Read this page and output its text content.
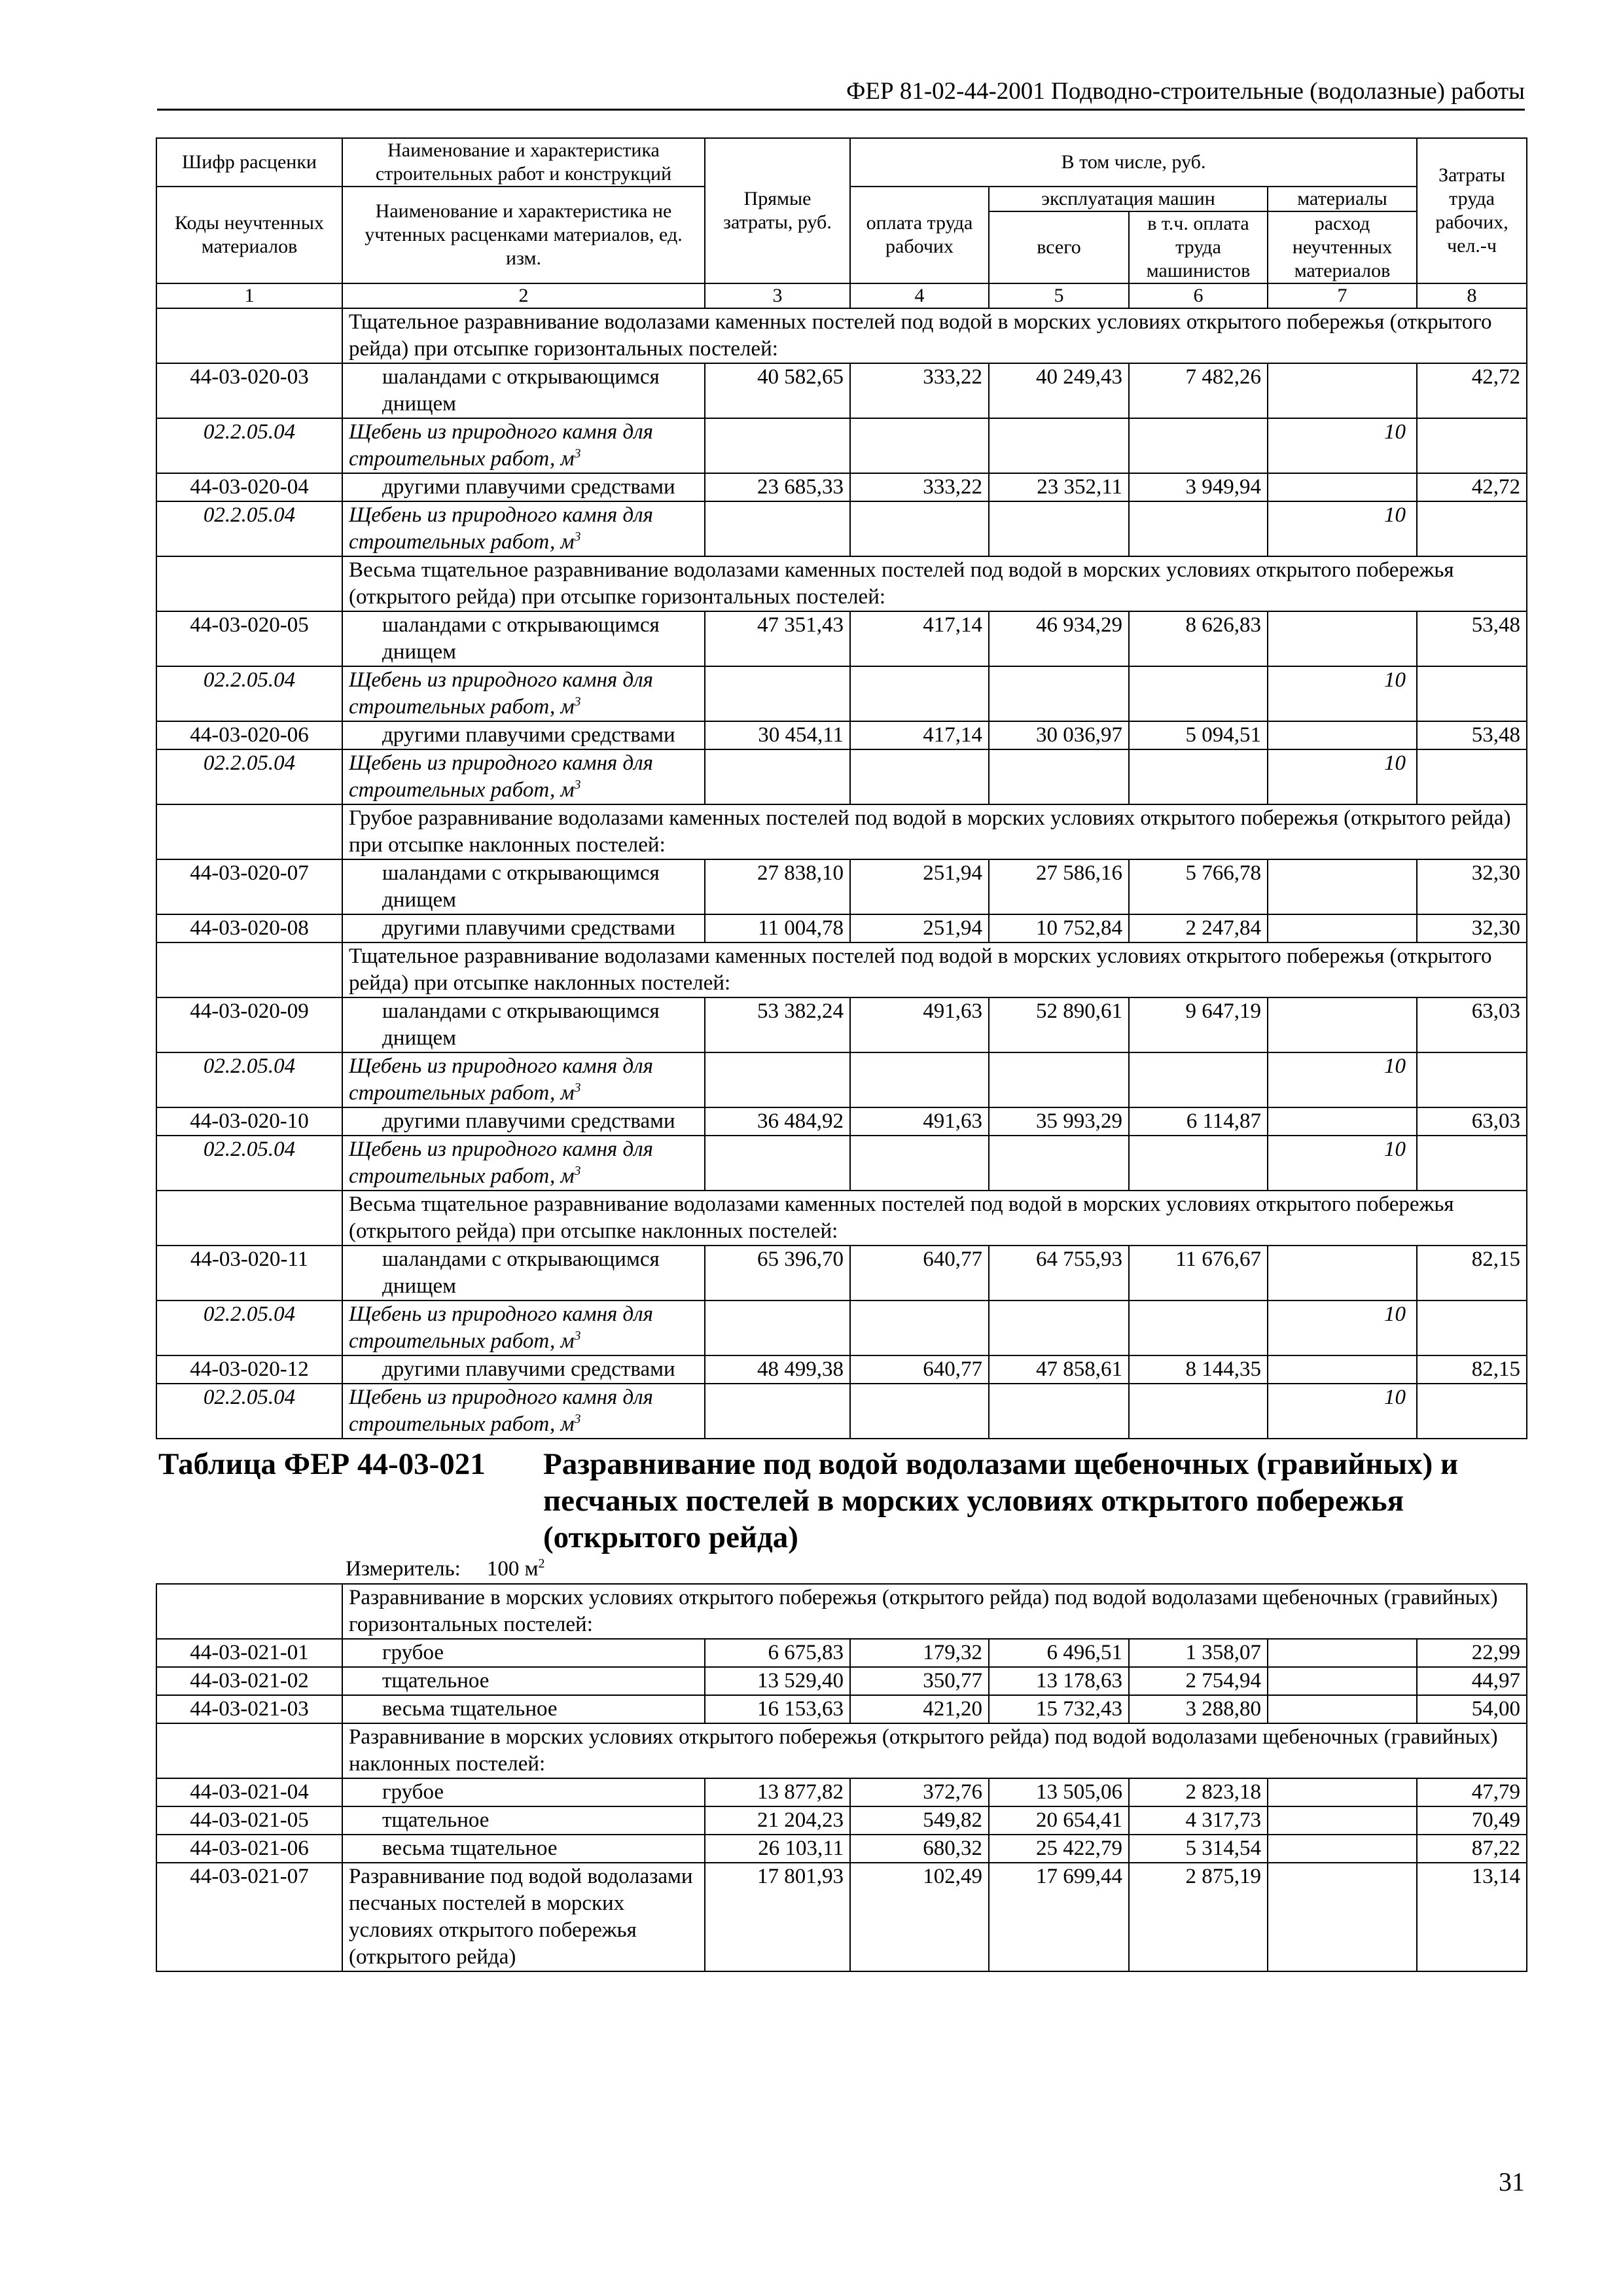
ФЕР 81-02-44-2001 Подводно-строительные (водолазные) работы
Шифр расценки	Наименование и характеристика строительных работ и конструкций	Прямые затраты, руб.	В том числе, руб.				Затраты труда рабочих, чел.-ч
Коды неучтенных материалов	Наименование и характеристика не учтенных расценками материалов, ед. изм.		оплата труда рабочих	эксплуатация машин		материалы	
				всего	в т.ч. оплата труда машинистов	расход неучтенных материалов	
1	2	3	4	5	6	7	8
	Тщательное разравнивание водолазами каменных постелей под водой в морских условиях открытого побережья (открытого рейда) при отсыпке горизонтальных постелей:						
44-03-020-03	шаландами с открывающимся днищем	40 582,65	333,22	40 249,43	7 482,26		42,72
02.2.05.04	Щебень из природного камня для строительных работ, $м^3$					10	
44-03-020-04	другими плавучими средствами	23 685,33	333,22	23 352,11	3 949,94		42,72
02.2.05.04	Щебень из природного камня для строительных работ, $м^3$					10	
	Весьма тщательное разравнивание водолазами каменных постелей под водой в морских условиях открытого побережья (открытого рейда) при отсыпке горизонтальных постелей:						
44-03-020-05	шаландами с открывающимся днищем	47 351,43	417,14	46 934,29	8 626,83		53,48
02.2.05.04	Щебень из природного камня для строительных работ, $м^3$					10	
44-03-020-06	другими плавучими средствами	30 454,11	417,14	30 036,97	5 094,51		53,48
02.2.05.04	Щебень из природного камня для строительных работ, $м^3$					10	
	Грубое разравнивание водолазами каменных постелей под водой в морских условиях открытого побережья (открытого рейда) при отсыпке наклонных постелей:						
44-03-020-07	шаландами с открывающимся днищем	27 838,10	251,94	27 586,16	5 766,78		32,30
44-03-020-08	другими плавучими средствами	11 004,78	251,94	10 752,84	2 247,84		32,30
	Тщательное разравнивание водолазами каменных постелей под водой в морских условиях открытого побережья (открытого рейда) при отсыпке наклонных постелей:						
44-03-020-09	шаландами с открывающимся днищем	53 382,24	491,63	52 890,61	9 647,19		63,03
02.2.05.04	Щебень из природного камня для строительных работ, $м^3$					10	
44-03-020-10	другими плавучими средствами	36 484,92	491,63	35 993,29	6 114,87		63,03
02.2.05.04	Щебень из природного камня для строительных работ, $м^3$					10	
	Весьма тщательное разравнивание водолазами каменных постелей под водой в морских условиях открытого побережья (открытого рейда) при отсыпке наклонных постелей:						
44-03-020-11	шаландами с открывающимся днищем	65 396,70	640,77	64 755,93	11 676,67		82,15
02.2.05.04	Щебень из природного камня для строительных работ, $м^3$					10	
44-03-020-12	другими плавучими средствами	48 499,38	640,77	47 858,61	8 144,35		82,15
02.2.05.04	Щебень из природного камня для строительных работ, $м^3$					10	
Таблица ФЕР 44-03-021 Разравнивание под водой водолазами щебеночных (гравийных) и песчаных постелей в морских условиях открытого побережья (открытого рейда)
Измеритель: 100 $м^2$
	Разравнивание в морских условиях открытого побережья (открытого рейда) под водой водолазами щебеночных (гравийных) горизонтальных постелей:						
44-03-021-01	грубое	6 675,83	179,32	6 496,51	1 358,07		22,99
44-03-021-02	тщательное	13 529,40	350,77	13 178,63	2 754,94		44,97
44-03-021-03	весьма тщательное	16 153,63	421,20	15 732,43	3 288,80		54,00
	Разравнивание в морских условиях открытого побережья (открытого рейда) под водой водолазами щебеночных (гравийных) наклонных постелей:						
44-03-021-04	грубое	13 877,82	372,76	13 505,06	2 823,18		47,79
44-03-021-05	тщательное	21 204,23	549,82	20 654,41	4 317,73		70,49
44-03-021-06	весьма тщательное	26 103,11	680,32	25 422,79	5 314,54		87,22
44-03-021-07	Разравнивание под водой водолазами песчаных постелей в морских условиях открытого побережья (открытого рейда)	17 801,93	102,49	17 699,44	2 875,19		13,14
31
